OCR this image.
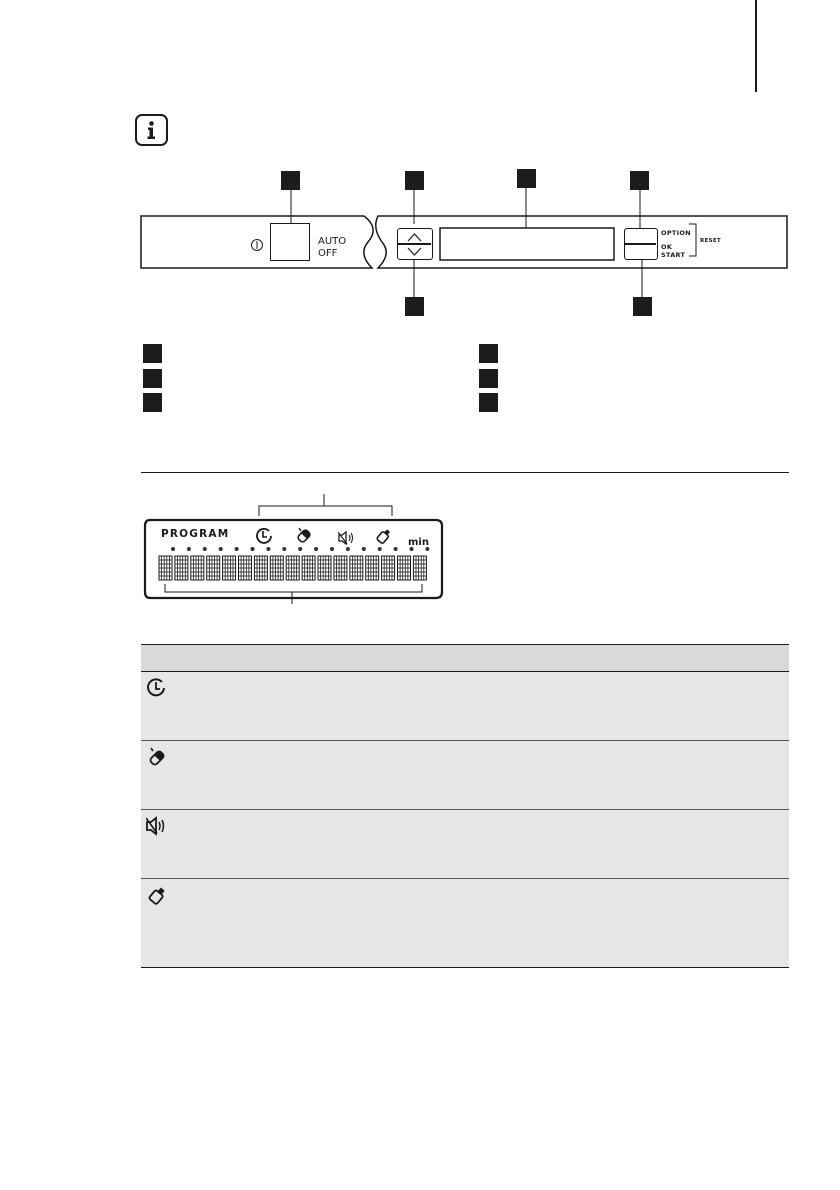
AUTO
OFF
OPTION
OK
START
RESET
PROGRAM
min
